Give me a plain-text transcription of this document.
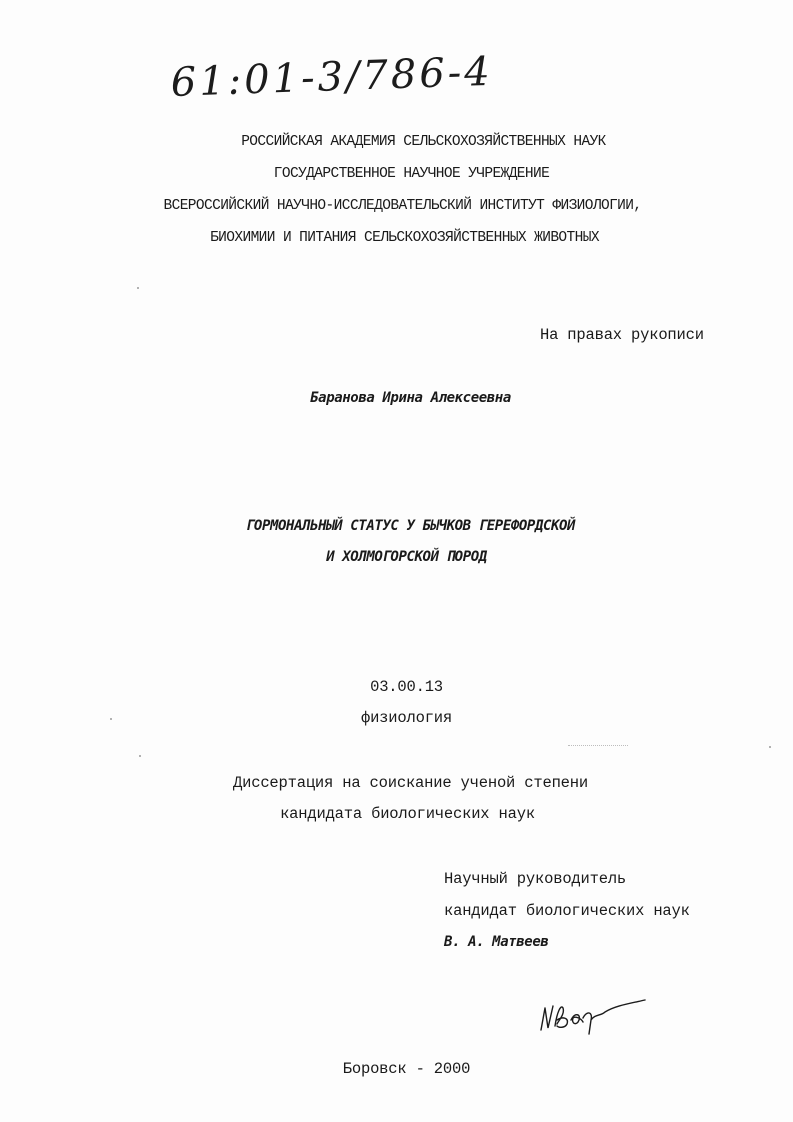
61:01-3/786-4
РОССИЙСКАЯ АКАДЕМИЯ СЕЛЬСКОХОЗЯЙСТВЕННЫХ НАУК
ГОСУДАРСТВЕННОЕ НАУЧНОЕ УЧРЕЖДЕНИЕ
ВСЕРОССИЙСКИЙ НАУЧНО-ИССЛЕДОВАТЕЛЬСКИЙ ИНСТИТУТ ФИЗИОЛОГИИ,
БИОХИМИИ И ПИТАНИЯ СЕЛЬСКОХОЗЯЙСТВЕННЫХ ЖИВОТНЫХ
На правах рукописи
Баранова Ирина Алексеевна
ГОРМОНАЛЬНЫЙ СТАТУС У БЫЧКОВ ГЕРЕФОРДСКОЙ
И ХОЛМОГОРСКОЙ ПОРОД
03.00.13
физиология
Диссертация на соискание ученой степени
кандидата биологических наук
Научный руководитель
кандидат биологических наук
В. А. Матвеев
Боровск - 2000
